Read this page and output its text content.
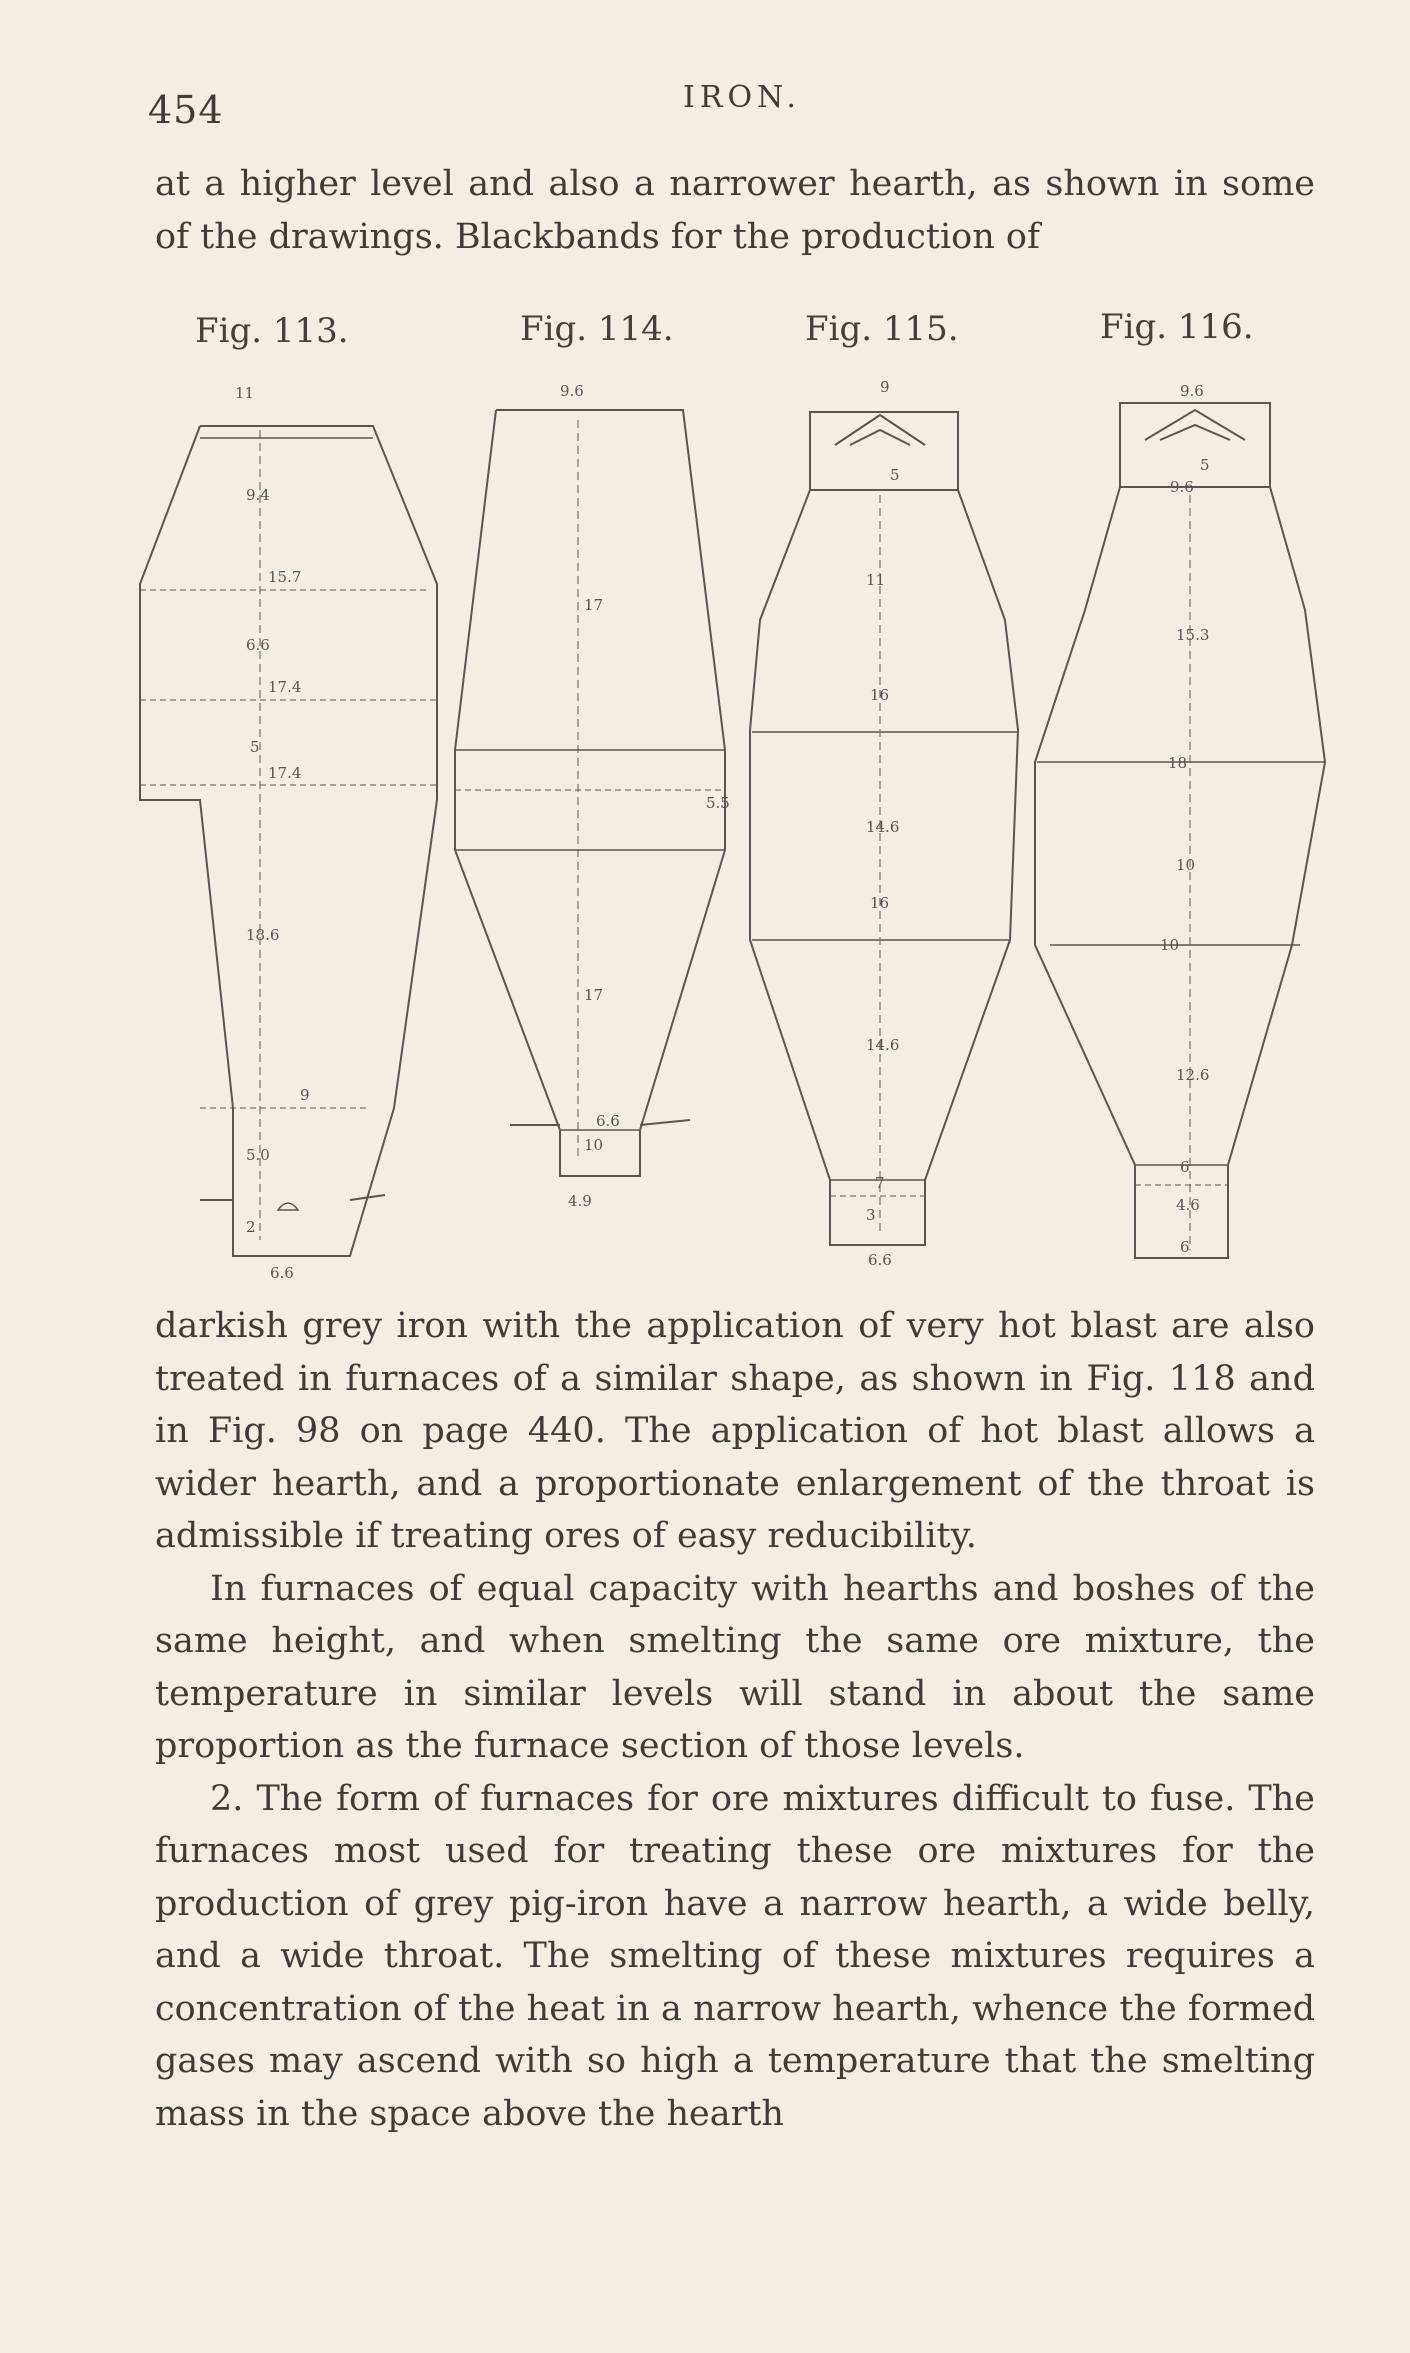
454	IRON.

at a higher level and also a narrower hearth, as shown in some of the drawings. Blackbands for the production of

Fig. 113.
11
9.4
15.7
6.6
17.4
5
17.4
18.6
9
5.0
2
6.6
Fig. 114.
9.6
17
5.5
17
6.6
10
4.9
Fig. 115.
9
5
11
16
14.6
16
14.6
7
3
6.6
Fig. 116.
9.6
5
9.6
15.3
18
10
10
12.6
6
4.6
6

darkish grey iron with the application of very hot blast are also treated in furnaces of a similar shape, as shown in Fig. 118 and in Fig. 98 on page 440. The application of hot blast allows a wider hearth, and a proportionate enlargement of the throat is admissible if treating ores of easy reducibility.

In furnaces of equal capacity with hearths and boshes of the same height, and when smelting the same ore mixture, the temperature in similar levels will stand in about the same proportion as the furnace section of those levels.

2. The form of furnaces for ore mixtures difficult to fuse. The furnaces most used for treating these ore mixtures for the production of grey pig-iron have a narrow hearth, a wide belly, and a wide throat. The smelting of these mixtures requires a concentration of the heat in a narrow hearth, whence the formed gases may ascend with so high a temperature that the smelting mass in the space above the hearth
